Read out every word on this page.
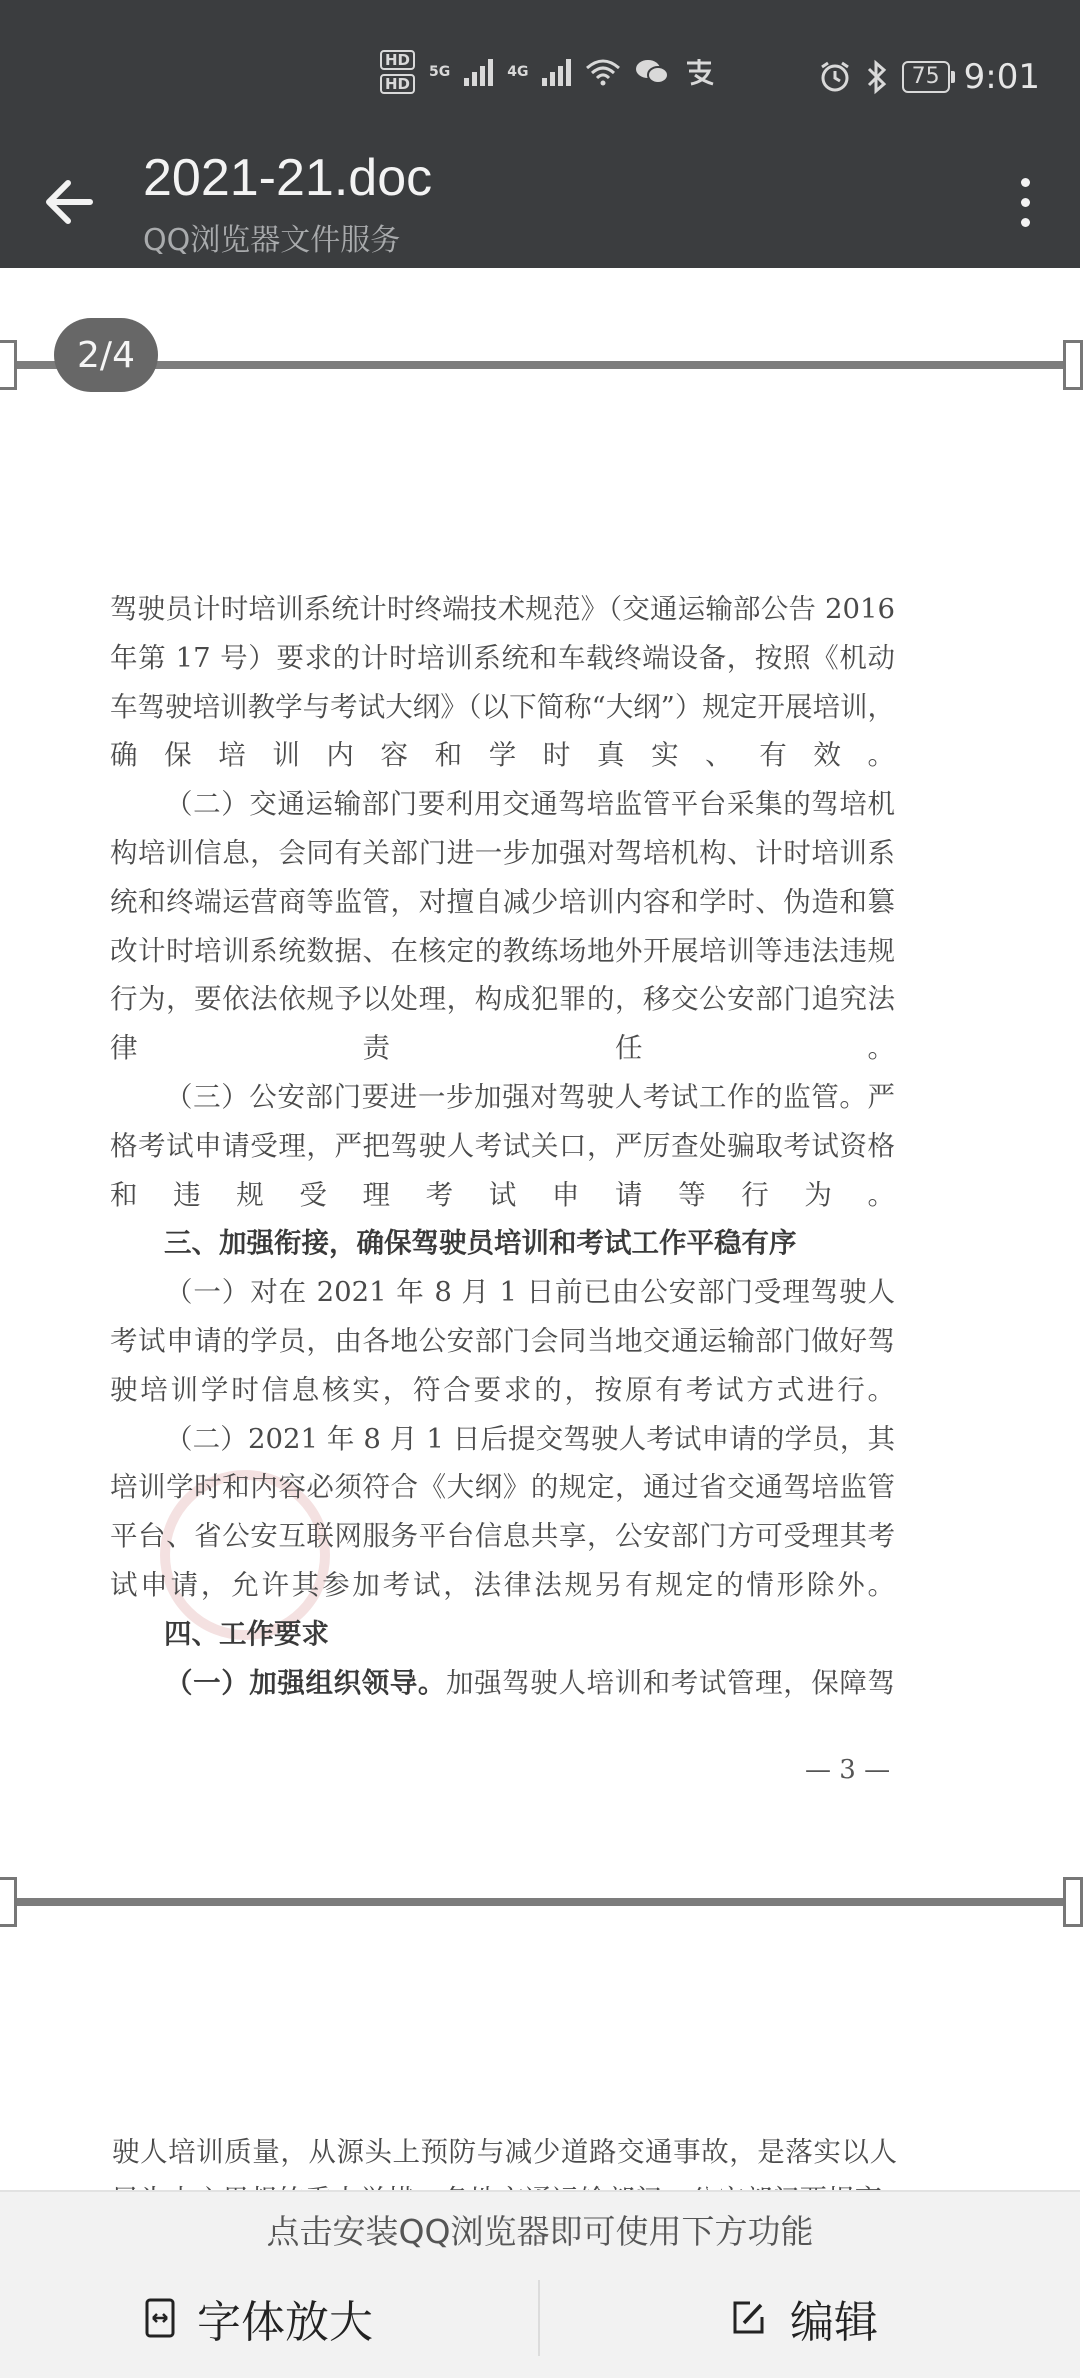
HD
HD
5G	4G	75 9:01
2021-21.doc
QQ浏览器文件服务

驾驶员计时培训系统计时终端技术规范》（交通运输部公告 2016 年第 17 号）要求的计时培训系统和车载终端设备，按照《机动车驾驶培训教学与考试大纲》（以下简称“大纲”）规定开展培训，确保培训内容和学时真实、有效。

（二）交通运输部门要利用交通驾培监管平台采集的驾培机构培训信息，会同有关部门进一步加强对驾培机构、计时培训系统和终端运营商等监管，对擅自减少培训内容和学时、伪造和篡改计时培训系统数据、在核定的教练场地外开展培训等违法违规行为，要依法依规予以处理，构成犯罪的，移交公安部门追究法律责任。

（三）公安部门要进一步加强对驾驶人考试工作的监管。严格考试申请受理，严把驾驶人考试关口，严厉查处骗取考试资格和违规受理考试申请等行为。

三、加强衔接，确保驾驶员培训和考试工作平稳有序

（一）对在 2021 年 8 月 1 日前已由公安部门受理驾驶人考试申请的学员，由各地公安部门会同当地交通运输部门做好驾驶培训学时信息核实，符合要求的，按原有考试方式进行。

（二）2021 年 8 月 1 日后提交驾驶人考试申请的学员，其培训学时和内容必须符合《大纲》的规定，通过省交通驾培监管平台、省公安互联网服务平台信息共享，公安部门方可受理其考试申请，允许其参加考试，法律法规另有规定的情形除外。

四、工作要求

（一）加强组织领导。加强驾驶人培训和考试管理，保障驾

— 3 —
驶人培训质量，从源头上预防与减少道路交通事故，是落实以人
2/4
点击安装QQ浏览器即可使用下方功能
字体放大	编辑
